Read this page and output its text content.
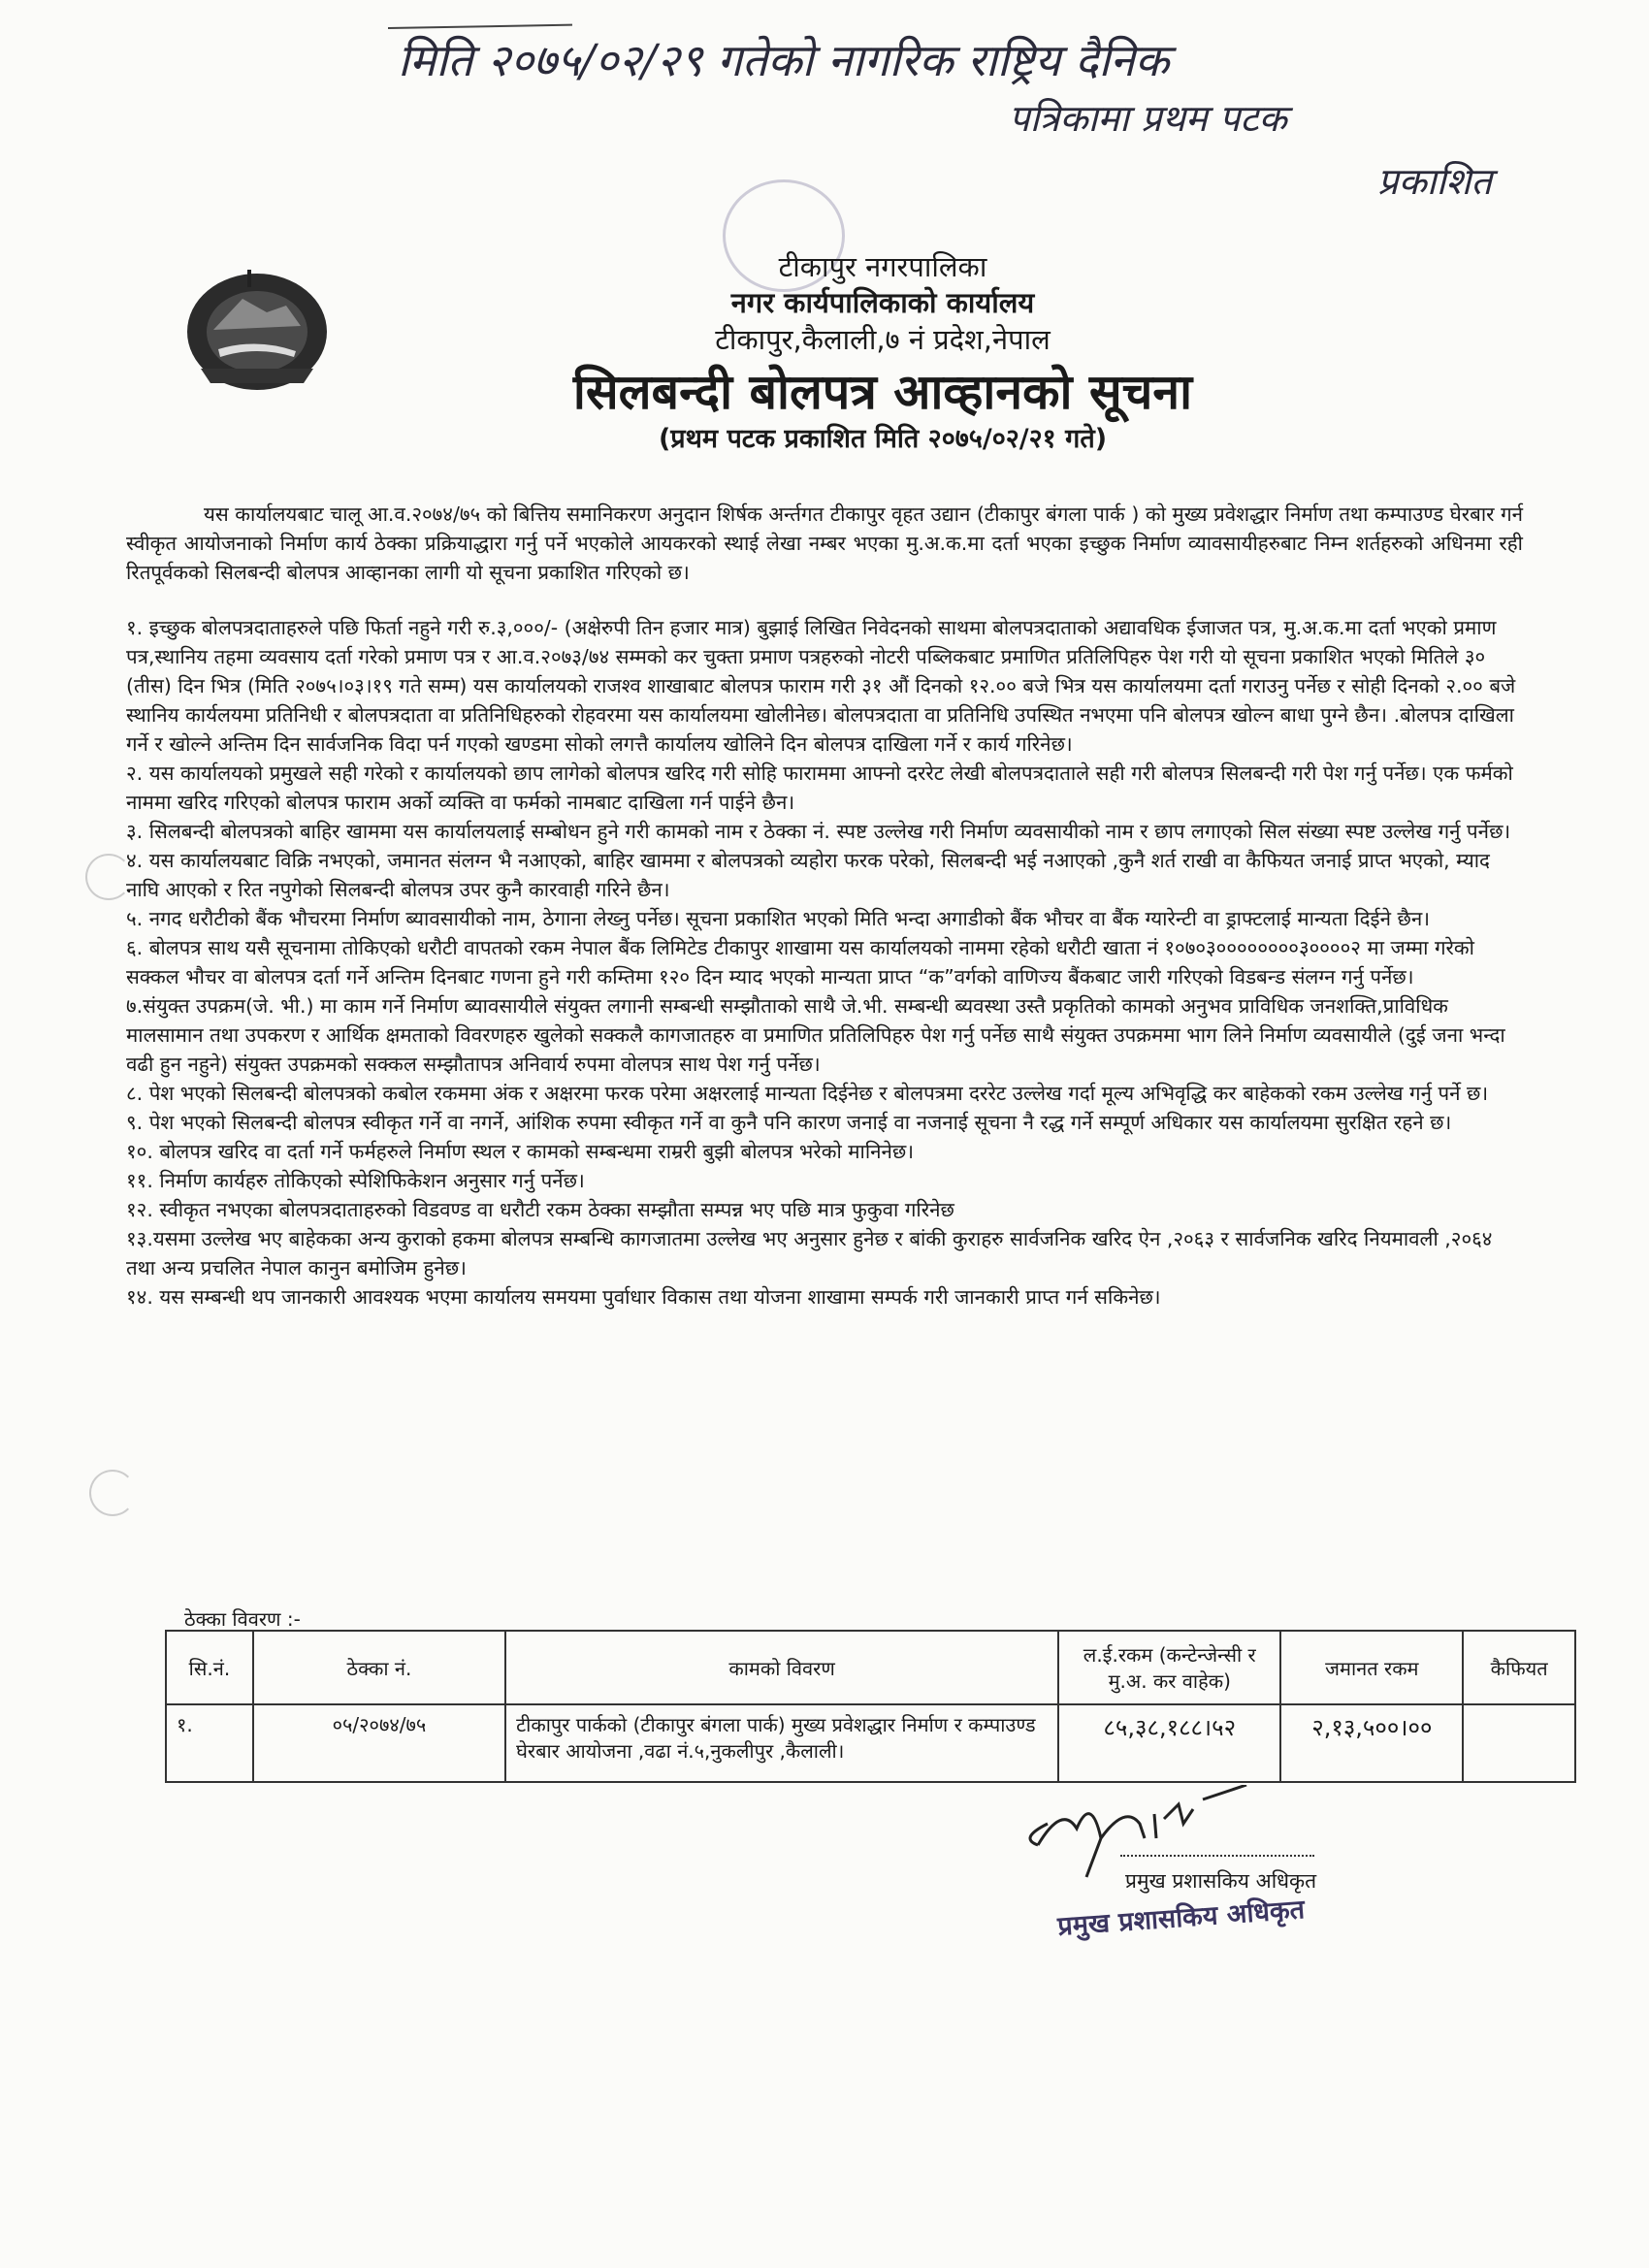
मिति २०७५/०२/२९ गतेको नागरिक राष्ट्रिय दैनिक
पत्रिकामा प्रथम पटक
प्रकाशित
टीकापुर नगरपालिका
नगर कार्यपालिकाको कार्यालय
टीकापुर,कैलाली,७ नं प्रदेश,नेपाल
सिलबन्दी बोलपत्र आव्हानको सूचना
(प्रथम पटक प्रकाशित मिति २०७५/०२/२१ गते)
यस कार्यालयबाट चालू आ.व.२०७४/७५ को बित्तिय समानिकरण अनुदान शिर्षक अर्न्तगत टीकापुर वृहत उद्यान (टीकापुर बंगला पार्क ) को मुख्य प्रवेशद्धार निर्माण तथा कम्पाउण्ड घेरबार गर्न स्वीकृत आयोजनाको निर्माण कार्य ठेक्का प्रक्रियाद्धारा गर्नु पर्ने भएकोले आयकरको स्थाई लेखा नम्बर भएका मु.अ.क.मा दर्ता भएका इच्छुक निर्माण व्यावसायीहरुबाट निम्न शर्तहरुको अधिनमा रही रितपूर्वकको सिलबन्दी बोलपत्र आव्हानका लागी यो सूचना प्रकाशित गरिएको छ।

१. इच्छुक बोलपत्रदाताहरुले पछि फिर्ता नहुने गरी रु.३,०००/- (अक्षेरुपी तिन हजार मात्र) बुझाई लिखित निवेदनको साथमा बोलपत्रदाताको अद्यावधिक ईजाजत पत्र, मु.अ.क.मा दर्ता भएको प्रमाण पत्र,स्थानिय तहमा व्यवसाय दर्ता गरेको प्रमाण पत्र र आ.व.२०७३/७४ सम्मको कर चुक्ता प्रमाण पत्रहरुको नोटरी पब्लिकबाट प्रमाणित प्रतिलिपिहरु पेश गरी यो सूचना प्रकाशित भएको मितिले ३० (तीस) दिन भित्र (मिति २०७५।०३।१९ गते सम्म) यस कार्यालयको राजश्व शाखाबाट बोलपत्र फाराम गरी ३१ औं दिनको १२.०० बजे भित्र यस कार्यालयमा दर्ता गराउनु पर्नेछ र सोही दिनको २.०० बजे स्थानिय कार्यलयमा प्रतिनिधी र बोलपत्रदाता वा प्रतिनिधिहरुको रोहवरमा यस कार्यालयमा खोलीनेछ। बोलपत्रदाता वा प्रतिनिधि उपस्थित नभएमा पनि बोलपत्र खोल्न बाधा पुग्ने छैन। .बोलपत्र दाखिला गर्ने र खोल्ने अन्तिम दिन सार्वजनिक विदा पर्न गएको खण्डमा सोको लगत्तै कार्यालय खोलिने दिन बोलपत्र दाखिला गर्ने र कार्य गरिनेछ।

२. यस कार्यालयको प्रमुखले सही गरेको र कार्यालयको छाप लागेको बोलपत्र खरिद गरी सोहि फाराममा आफ्नो दररेट लेखी बोलपत्रदाताले सही गरी बोलपत्र सिलबन्दी गरी पेश गर्नु पर्नेछ। एक फर्मको नाममा खरिद गरिएको बोलपत्र फाराम अर्को व्यक्ति वा फर्मको नामबाट दाखिला गर्न पाईने छैन।

३. सिलबन्दी बोलपत्रको बाहिर खाममा यस कार्यालयलाई सम्बोधन हुने गरी कामको नाम र ठेक्का नं. स्पष्ट उल्लेख गरी निर्माण व्यवसायीको नाम र छाप लगाएको सिल संख्या स्पष्ट उल्लेख गर्नु पर्नेछ।

४. यस कार्यालयबाट विक्रि नभएको, जमानत संलग्न भै नआएको, बाहिर खाममा र बोलपत्रको व्यहोरा फरक परेको, सिलबन्दी भई नआएको ,कुनै शर्त राखी वा कैफियत जनाई प्राप्त भएको, म्याद नाघि आएको र रित नपुगेको सिलबन्दी बोलपत्र उपर कुनै कारवाही गरिने छैन।

५. नगद धरौटीको बैंक भौचरमा निर्माण ब्यावसायीको नाम, ठेगाना लेख्नु पर्नेछ। सूचना प्रकाशित भएको मिति भन्दा अगाडीको बैंक भौचर वा बैंक ग्यारेन्टी वा ड्राफ्टलाई मान्यता दिईने छैन।

६. बोलपत्र साथ यसै सूचनामा तोकिएको धरौटी वापतको रकम नेपाल बैंक लिमिटेड टीकापुर शाखामा यस कार्यालयको नाममा रहेको धरौटी खाता नं १०७०३००००००००३००००२ मा जम्मा गरेको सक्कल भौचर वा बोलपत्र दर्ता गर्ने अन्तिम दिनबाट गणना हुने गरी कम्तिमा १२० दिन म्याद भएको मान्यता प्राप्त “क”वर्गको वाणिज्य बैंकबाट जारी गरिएको विडबन्ड संलग्न गर्नु पर्नेछ।

७.संयुक्त उपक्रम(जे. भी.) मा काम गर्ने निर्माण ब्यावसायीले संयुक्त लगानी सम्बन्धी सम्झौताको साथै जे.भी. सम्बन्धी ब्यवस्था उस्तै प्रकृतिको कामको अनुभव प्राविधिक जनशक्ति,प्राविधिक मालसामान तथा उपकरण र आर्थिक क्षमताको विवरणहरु खुलेको सक्कलै कागजातहरु वा प्रमाणित प्रतिलिपिहरु पेश गर्नु पर्नेछ साथै संयुक्त उपक्रममा भाग लिने निर्माण व्यवसायीले (दुई जना भन्दा वढी हुन नहुने) संयुक्त उपक्रमको सक्कल सम्झौतापत्र अनिवार्य रुपमा वोलपत्र साथ पेश गर्नु पर्नेछ।

८. पेश भएको सिलबन्दी बोलपत्रको कबोल रकममा अंक र अक्षरमा फरक परेमा अक्षरलाई मान्यता दिईनेछ र बोलपत्रमा दररेट उल्लेख गर्दा मूल्य अभिवृद्धि कर बाहेकको रकम उल्लेख गर्नु पर्ने छ।

९. पेश भएको सिलबन्दी बोलपत्र स्वीकृत गर्ने वा नगर्ने, आंशिक रुपमा स्वीकृत गर्ने वा कुनै पनि कारण जनाई वा नजनाई सूचना नै रद्ध गर्ने सम्पूर्ण अधिकार यस कार्यालयमा सुरक्षित रहने छ।

१०. बोलपत्र खरिद वा दर्ता गर्ने फर्महरुले निर्माण स्थल र कामको सम्बन्धमा राम्ररी बुझी बोलपत्र भरेको मानिनेछ।

११. निर्माण कार्यहरु तोकिएको स्पेशिफिकेशन अनुसार गर्नु पर्नेछ।

१२. स्वीकृत नभएका बोलपत्रदाताहरुको विडवण्ड वा धरौटी रकम ठेक्का सम्झौता सम्पन्न भए पछि मात्र फुकुवा गरिनेछ

१३.यसमा उल्लेख भए बाहेकका अन्य कुराको हकमा बोलपत्र सम्बन्धि कागजातमा उल्लेख भए अनुसार हुनेछ र बांकी कुराहरु सार्वजनिक खरिद ऐन ,२०६३ र सार्वजनिक खरिद नियमावली ,२०६४ तथा अन्य प्रचलित नेपाल कानुन बमोजिम हुनेछ।

१४. यस सम्बन्धी थप जानकारी आवश्यक भएमा कार्यालय समयमा पुर्वाधार विकास तथा योजना शाखामा सम्पर्क गरी जानकारी प्राप्त गर्न सकिनेछ।

ठेक्का विवरण :-
सि.नं.	ठेक्का नं.	कामको विवरण	ल.ई.रकम (कन्टेन्जेन्सी र मु.अ. कर वाहेक)	जमानत रकम	कैफियत
१.	०५/२०७४/७५	टीकापुर पार्कको (टीकापुर बंगला पार्क) मुख्य प्रवेशद्धार निर्माण र कम्पाउण्ड घेरबार आयोजना ,वढा नं.५,नुकलीपुर ,कैलाली।	८५,३८,१८८।५२	२,१३,५००।००	
प्रमुख प्रशासकिय अधिकृत
प्रमुख प्रशासकिय अधिकृत
